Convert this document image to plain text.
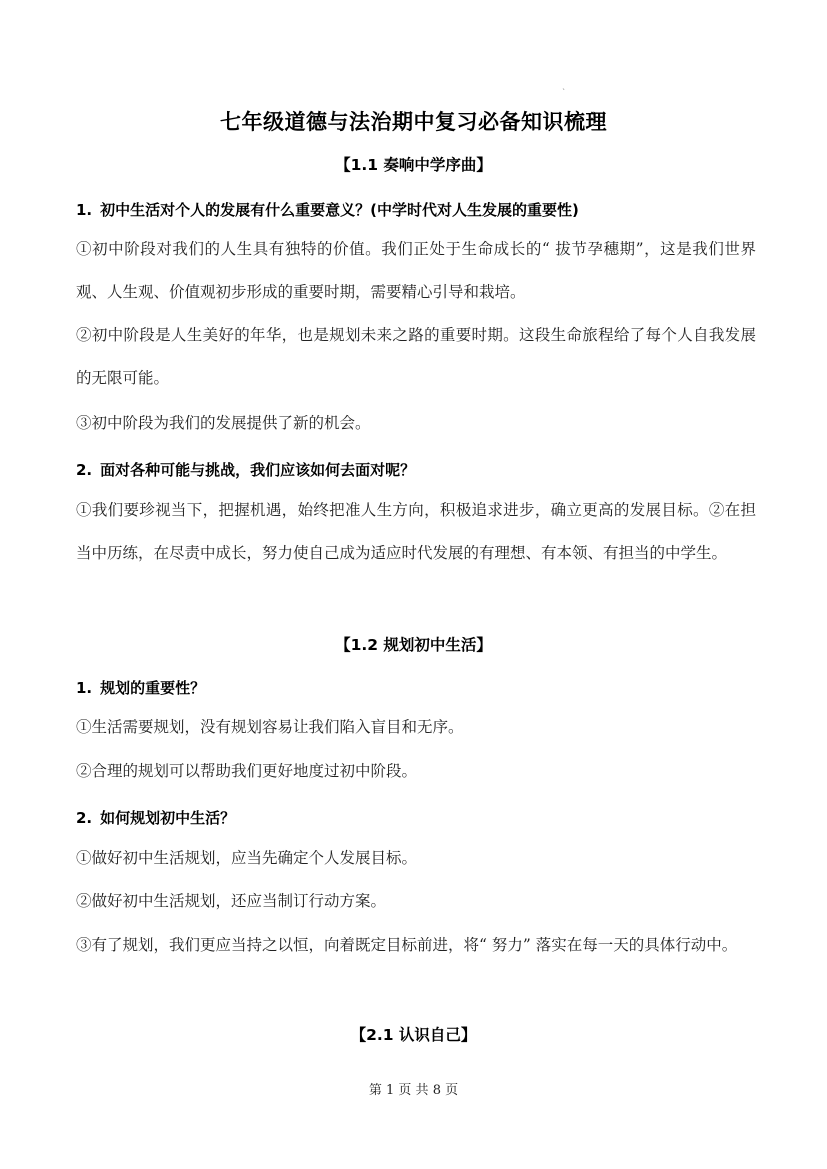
`
七年级道德与法治期中复习必备知识梳理
【1.1 奏响中学序曲】
1. 初中生活对个人的发展有什么重要意义？(中学时代对人生发展的重要性)
①初中阶段对我们的人生具有独特的价值。我们正处于生命成长的“ 拔节孕穗期”，这是我们世界观、人生观、价值观初步形成的重要时期，需要精心引导和栽培。
②初中阶段是人生美好的年华，也是规划未来之路的重要时期。这段生命旅程给了每个人自我发展的无限可能。
③初中阶段为我们的发展提供了新的机会。
2. 面对各种可能与挑战，我们应该如何去面对呢？
①我们要珍视当下，把握机遇，始终把准人生方向，积极追求进步，确立更高的发展目标。②在担当中历练，在尽责中成长，努力使自己成为适应时代发展的有理想、有本领、有担当的中学生。
【1.2 规划初中生活】
1. 规划的重要性？
①生活需要规划，没有规划容易让我们陷入盲目和无序。
②合理的规划可以帮助我们更好地度过初中阶段。
2. 如何规划初中生活？
①做好初中生活规划，应当先确定个人发展目标。
②做好初中生活规划，还应当制订行动方案。
③有了规划，我们更应当持之以恒，向着既定目标前进，将“ 努力” 落实在每一天的具体行动中。
【2.1 认识自己】
第 1 页 共 8 页
